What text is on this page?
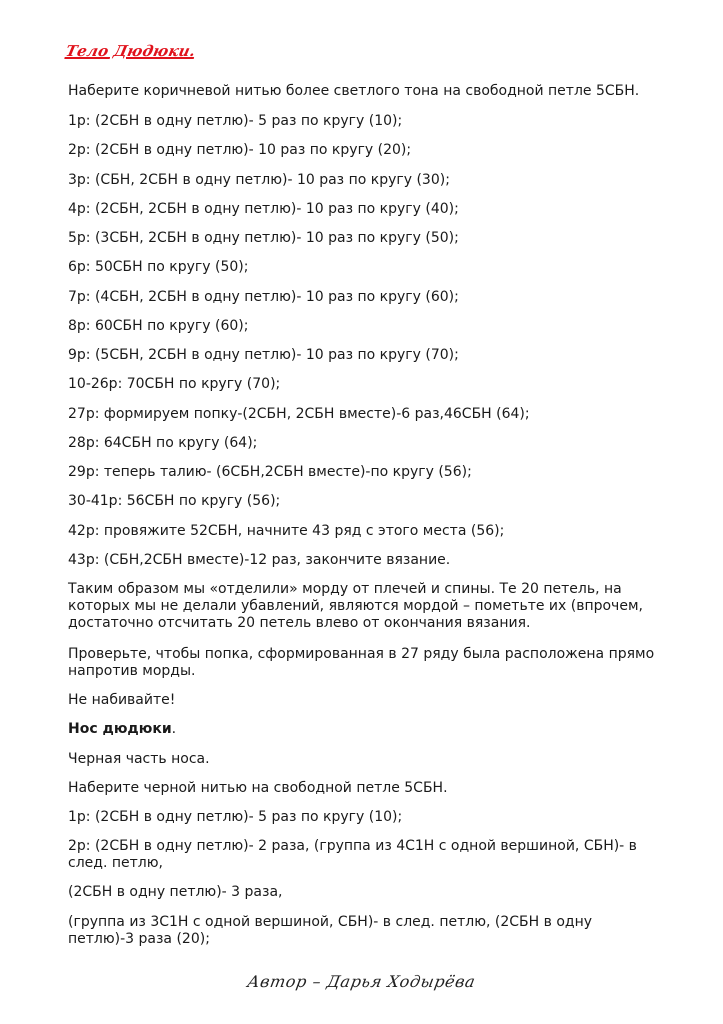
Тело Дюдюки.
Наберите коричневой нитью более светлого тона на свободной петле 5СБН.
1р: (2СБН в одну петлю)- 5 раз по кругу (10);
2р: (2СБН в одну петлю)- 10 раз по кругу (20);
3р: (СБН, 2СБН в одну петлю)- 10 раз по кругу (30);
4р: (2СБН, 2СБН в одну петлю)- 10 раз по кругу (40);
5р: (3СБН, 2СБН в одну петлю)- 10 раз по кругу (50);
6р: 50СБН по кругу (50);
7р: (4СБН, 2СБН в одну петлю)- 10 раз по кругу (60);
8р: 60СБН по кругу (60);
9р: (5СБН, 2СБН в одну петлю)- 10 раз по кругу (70);
10-26р: 70СБН по кругу (70);
27р: формируем попку-(2СБН, 2СБН вместе)-6 раз,46СБН (64);
28р: 64СБН по кругу (64);
29р: теперь талию- (6СБН,2СБН вместе)-по кругу (56);
30-41р: 56СБН по кругу (56);
42р: провяжите 52СБН, начните 43 ряд с этого места (56);
43р: (СБН,2СБН вместе)-12 раз, закончите вязание.
Таким образом мы «отделили» морду от плечей и спины. Те 20 петель, на которых мы не делали убавлений, являются мордой – пометьте их (впрочем, достаточно отсчитать 20 петель влево от окончания вязания.
Проверьте, чтобы попка, сформированная в 27 ряду была расположена прямо напротив морды.
Не набивайте!
Нос дюдюки.
Черная часть носа.
Наберите черной нитью на свободной петле 5СБН.
1р: (2СБН в одну петлю)- 5 раз по кругу (10);
2р: (2СБН в одну петлю)- 2 раза, (группа из 4С1Н с одной вершиной, СБН)- в след. петлю,
(2СБН в одну петлю)- 3 раза,
(группа из 3С1Н с одной вершиной, СБН)- в след. петлю, (2СБН в одну петлю)-3 раза (20);
Автор – Дарья Ходырёва
